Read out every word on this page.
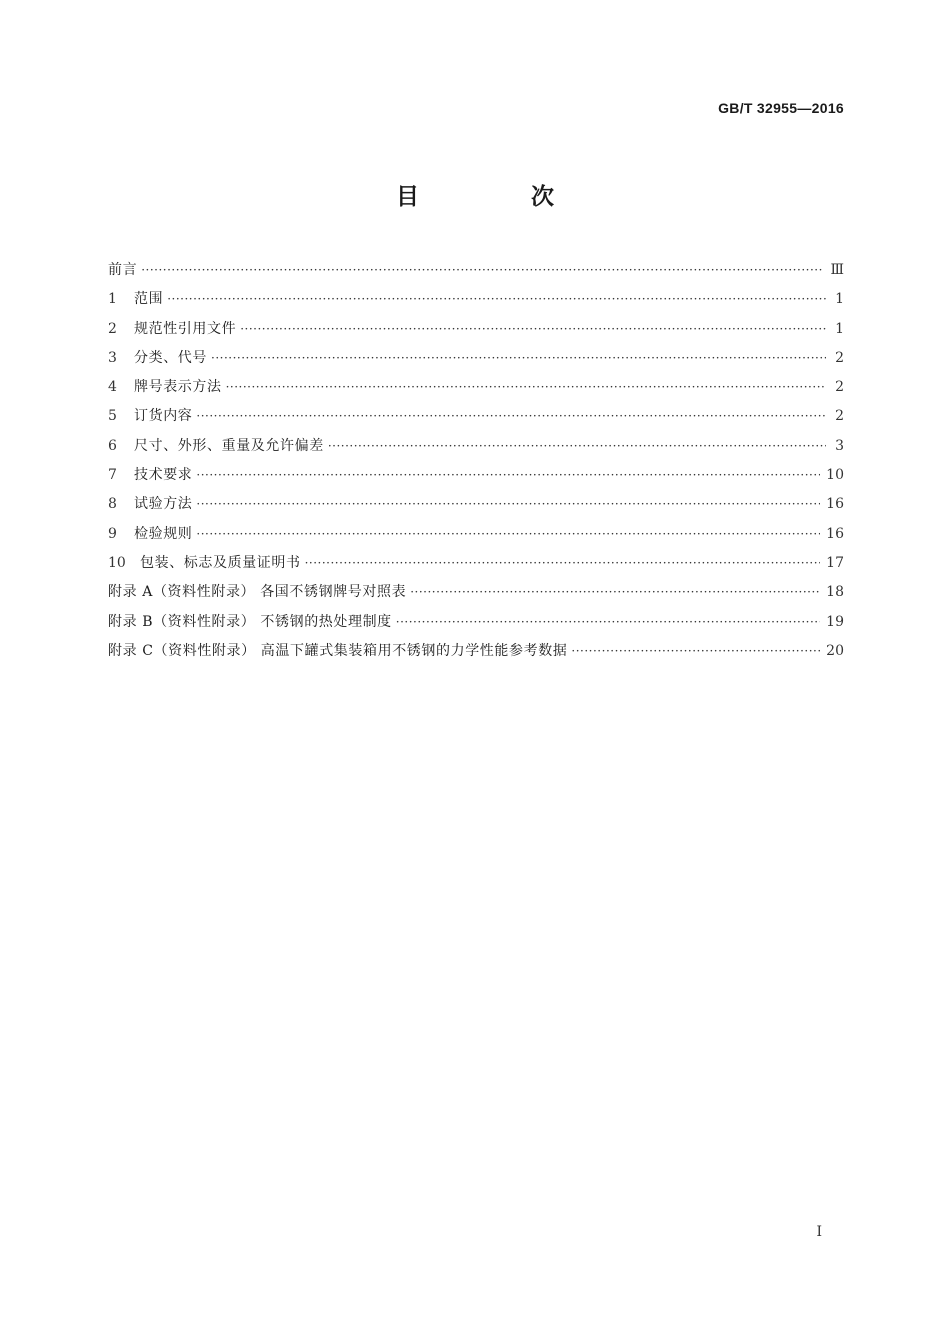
GB/T 32955—2016
目 次
前言 ·····	Ⅲ
1	范围 ·····	1
2	规范性引用文件 ·····	1
3	分类、代号 ·····	2
4	牌号表示方法 ·····	2
5	订货内容 ·····	2
6	尺寸、外形、重量及允许偏差 ·····	3
7	技术要求 ·····	10
8	试验方法 ·····	16
9	检验规则 ·····	16
10	包装、标志及质量证明书 ·····	17
附录 A（资料性附录） 各国不锈钢牌号对照表 ·····	18
附录 B（资料性附录） 不锈钢的热处理制度 ·····	19
附录 C（资料性附录） 高温下罐式集装箱用不锈钢的力学性能参考数据 ·····	20
I
